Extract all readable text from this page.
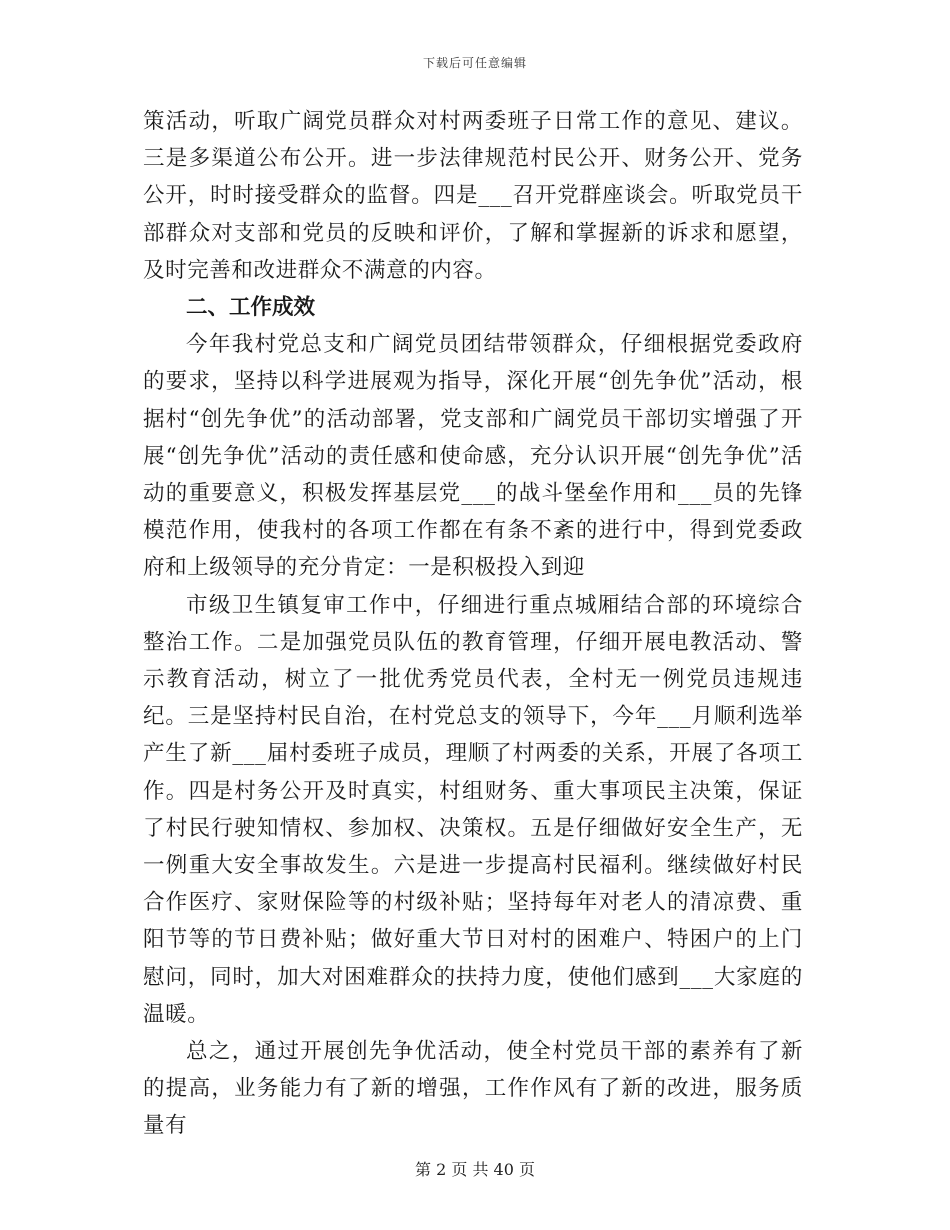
下载后可任意编辑

策活动，听取广阔党员群众对村两委班子日常工作的意见、建议。三是多渠道公布公开。进一步法律规范村民公开、财务公开、党务公开，时时接受群众的监督。四是___召开党群座谈会。听取党员干部群众对支部和党员的反映和评价，了解和掌握新的诉求和愿望，及时完善和改进群众不满意的内容。

二、工作成效

今年我村党总支和广阔党员团结带领群众，仔细根据党委政府的要求，坚持以科学进展观为指导，深化开展“创先争优”活动，根据村“创先争优”的活动部署，党支部和广阔党员干部切实增强了开展“创先争优”活动的责任感和使命感，充分认识开展“创先争优”活动的重要意义，积极发挥基层党___的战斗堡垒作用和___员的先锋模范作用，使我村的各项工作都在有条不紊的进行中，得到党委政府和上级领导的充分肯定：一是积极投入到迎

市级卫生镇复审工作中，仔细进行重点城厢结合部的环境综合整治工作。二是加强党员队伍的教育管理，仔细开展电教活动、警示教育活动，树立了一批优秀党员代表，全村无一例党员违规违纪。三是坚持村民自治，在村党总支的领导下，今年___月顺利选举产生了新___届村委班子成员，理顺了村两委的关系，开展了各项工作。四是村务公开及时真实，村组财务、重大事项民主决策，保证了村民行驶知情权、参加权、决策权。五是仔细做好安全生产，无一例重大安全事故发生。六是进一步提高村民福利。继续做好村民合作医疗、家财保险等的村级补贴；坚持每年对老人的清凉费、重阳节等的节日费补贴；做好重大节日对村的困难户、特困户的上门慰问，同时，加大对困难群众的扶持力度，使他们感到___大家庭的温暖。

总之，通过开展创先争优活动，使全村党员干部的素养有了新的提高，业务能力有了新的增强，工作作风有了新的改进，服务质量有

第 2 页 共 40 页
